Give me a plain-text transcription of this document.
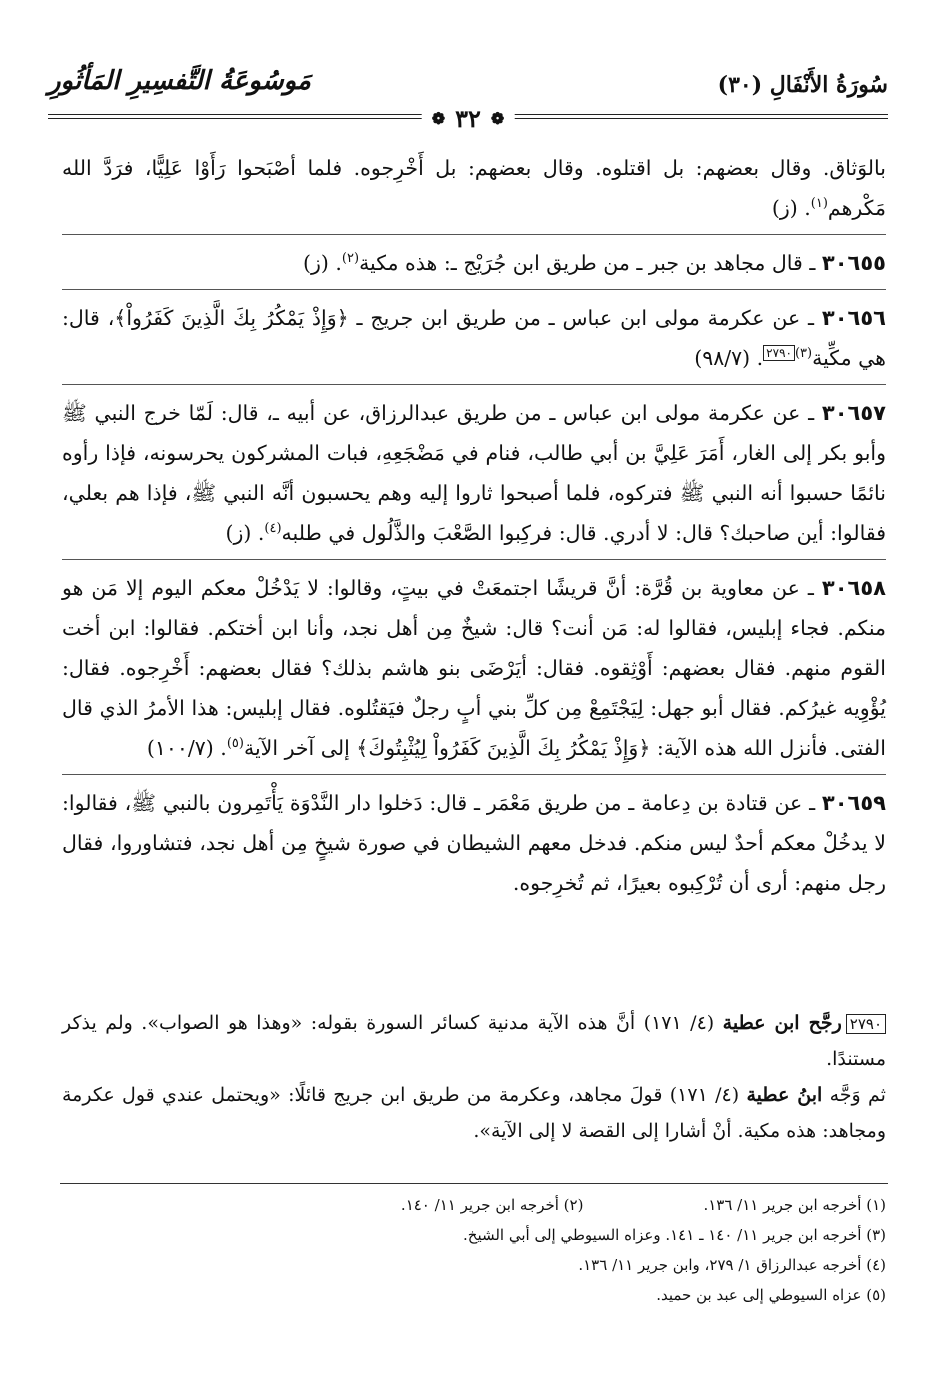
سُورَةُ الأَنْفَالِ (٣٠)
مَوسُوعَةُ التَّفسِيرِ المَأثُورِ
❁
٣٢
❁

بالوَثاق. وقال بعضهم: بل اقتلوه. وقال بعضهم: بل أَخْرِجوه. فلما أصْبَحوا رَأَوْا عَلِيًّا، فرَدَّ الله مَكْرهم$^{(١)}$. (ز)

٣٠٦٥٥ ـ قال مجاهد بن جبر ـ من طريق ابن جُرَيْج ـ: هذه مكية$^{(٢)}$. (ز)

٣٠٦٥٦ ـ عن عكرمة مولى ابن عباس ـ من طريق ابن جريج ـ ﴿وَإِذْ يَمْكُرُ بِكَ الَّذِينَ كَفَرُواْ﴾، قال: هي مكِّية$^{(٣)}$٢٧٩٠. (٩٨/٧)

٣٠٦٥٧ ـ عن عكرمة مولى ابن عباس ـ من طريق عبدالرزاق، عن أبيه ـ، قال: لَمّا خرج النبي ﷺ وأبو بكر إلى الغار، أَمَرَ عَلِيَّ بن أبي طالب، فنام في مَضْجَعِهِ، فبات المشركون يحرسونه، فإذا رأوه نائمًا حسبوا أنه النبي ﷺ فتركوه، فلما أصبحوا ثاروا إليه وهم يحسبون أنَّه النبي ﷺ، فإذا هم بعلي، فقالوا: أين صاحبك؟ قال: لا أدري. قال: فركِبوا الصَّعْبَ والذَّلُول في طلبه$^{(٤)}$. (ز)

٣٠٦٥٨ ـ عن معاوية بن قُرَّة: أنَّ قريشًا اجتمعَتْ في بيتٍ، وقالوا: لا يَدْخُلْ معكم اليوم إلا مَن هو منكم. فجاء إبليس، فقالوا له: مَن أنت؟ قال: شيخٌ مِن أهل نجد، وأنا ابن أختكم. فقالوا: ابن أخت القوم منهم. فقال بعضهم: أَوْثِقوه. فقال: أيَرْضَى بنو هاشم بذلك؟ فقال بعضهم: أَخْرِجوه. فقال: يُؤْوِيه غيرُكم. فقال أبو جهل: لِيَجْتَمِعْ مِن كلِّ بني أبٍ رجلٌ فيَقتُلوه. فقال إبليس: هذا الأمرُ الذي قال الفتى. فأنزل الله هذه الآية: ﴿وَإِذْ يَمْكُرُ بِكَ الَّذِينَ كَفَرُواْ لِيُثْبِتُوكَ﴾ إلى آخر الآية$^{(٥)}$. (١٠٠/٧)

٣٠٦٥٩ ـ عن قتادة بن دِعامة ـ من طريق مَعْمَر ـ قال: دَخلوا دار النَّدْوَة يَأْتَمِرون بالنبي ﷺ، فقالوا: لا يدخُلْ معكم أحدٌ ليس منكم. فدخل معهم الشيطان في صورة شيخٍ مِن أهل نجد، فتشاوروا، فقال رجل منهم: أرى أن تُرْكِبوه بعيرًا، ثم تُخرِجوه.

٢٧٩٠رجَّح ابن عطية (٤/ ١٧١) أنَّ هذه الآية مدنية كسائر السورة بقوله: «وهذا هو الصواب». ولم يذكر مستندًا.

ثم وَجَّه ابنُ عطية (٤/ ١٧١) قولَ مجاهد، وعكرمة من طريق ابن جريج قائلًا: «ويحتمل عندي قول عكرمة ومجاهد: هذه مكية. أنْ أشارا إلى القصة لا إلى الآية».

(١) أخرجه ابن جرير ١١/ ١٣٦.
(٢) أخرجه ابن جرير ١١/ ١٤٠.
(٣) أخرجه ابن جرير ١١/ ١٤٠ ـ ١٤١. وعزاه السيوطي إلى أبي الشيخ.
(٤) أخرجه عبدالرزاق ١/ ٢٧٩، وابن جرير ١١/ ١٣٦.
(٥) عزاه السيوطي إلى عبد بن حميد.
